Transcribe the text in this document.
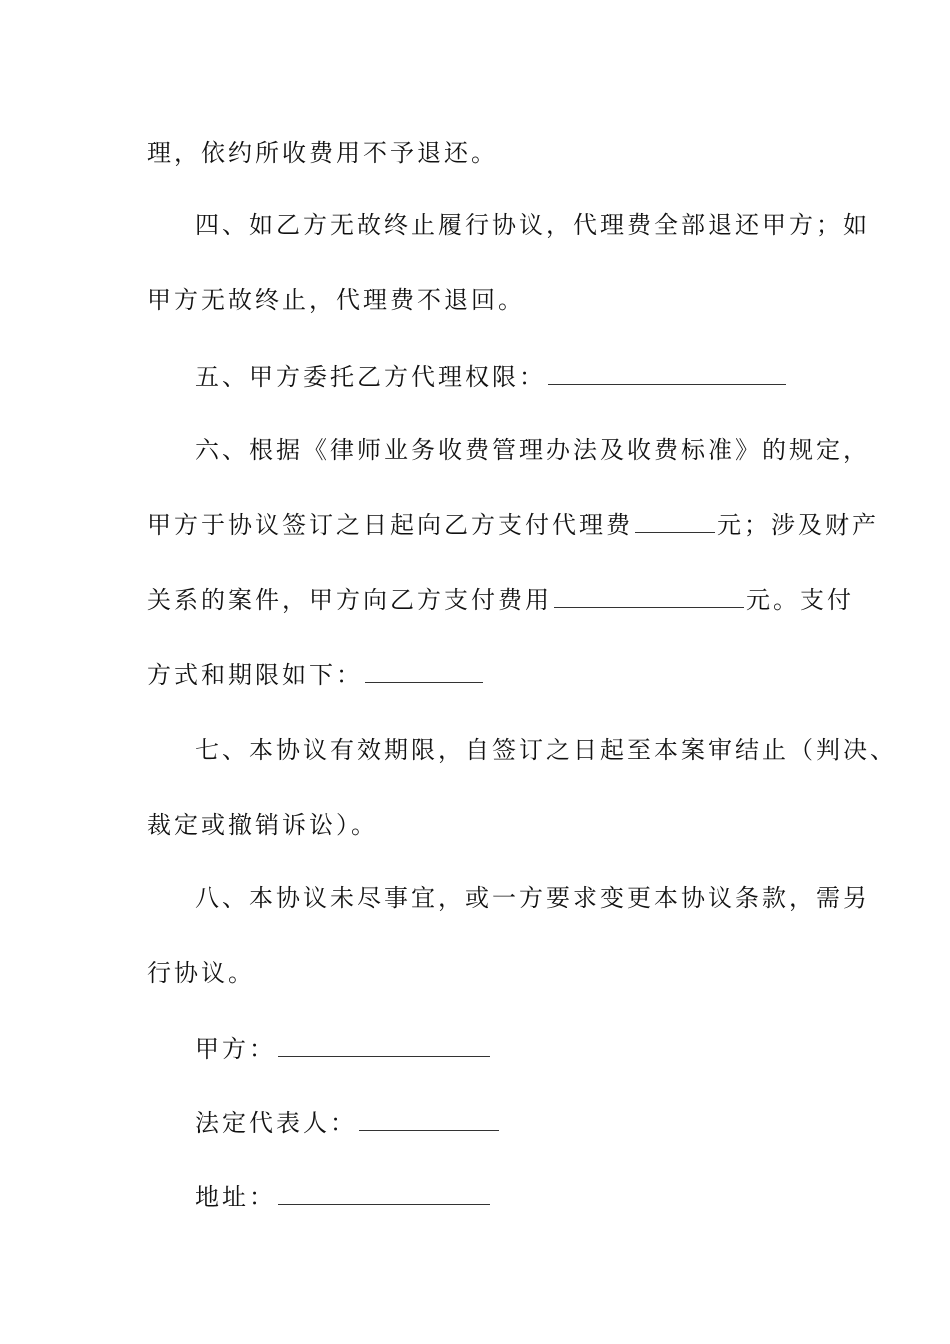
理，依约所收费用不予退还。
四、如乙方无故终止履行协议，代理费全部退还甲方；如
甲方无故终止，代理费不退回。
五、甲方委托乙方代理权限：
六、根据《律师业务收费管理办法及收费标准》的规定，
甲方于协议签订之日起向乙方支付代理费	元；涉及财产
关系的案件，甲方向乙方支付费用	元。支付
方式和期限如下：
七、本协议有效期限，自签订之日起至本案审结止（判决、
裁定或撤销诉讼）。
八、本协议未尽事宜，或一方要求变更本协议条款，需另
行协议。
甲方：
法定代表人：
地址：
